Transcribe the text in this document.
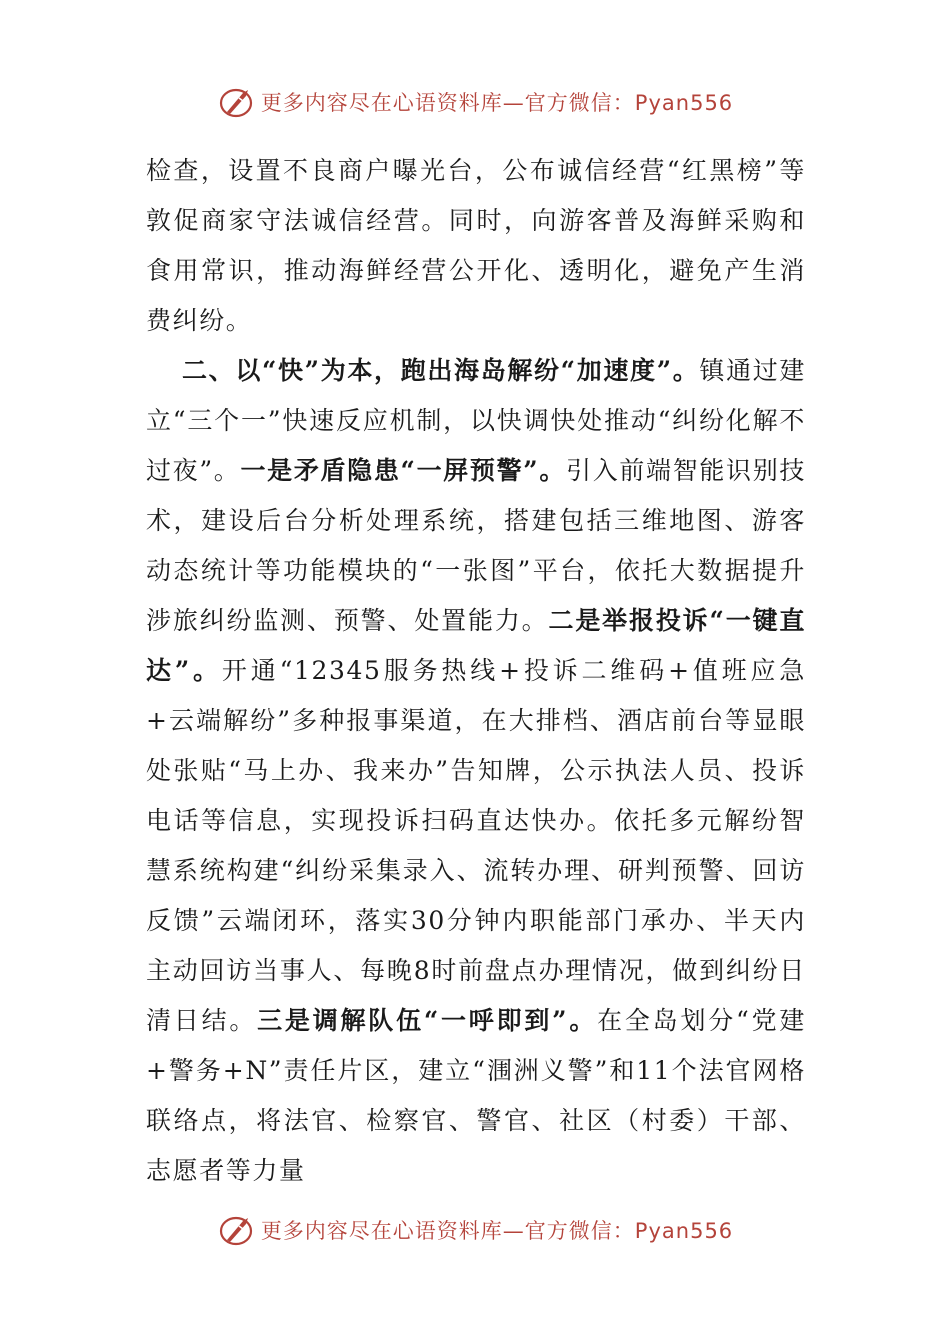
更多内容尽在心语资料库—官方微信：Pyan556

检查，设置不良商户曝光台，公布诚信经营“红黑榜”等敦促商家守法诚信经营。同时，向游客普及海鲜采购和食用常识，推动海鲜经营公开化、透明化，避免产生消费纠纷。

二、以“快”为本，跑出海岛解纷“加速度”。镇通过建立“三个一”快速反应机制，以快调快处推动“纠纷化解不过夜”。一是矛盾隐患“一屏预警”。引入前端智能识别技术，建设后台分析处理系统，搭建包括三维地图、游客动态统计等功能模块的“一张图”平台，依托大数据提升涉旅纠纷监测、预警、处置能力。二是举报投诉“一键直达”。开通“12345服务热线+投诉二维码+值班应急+云端解纷”多种报事渠道，在大排档、酒店前台等显眼处张贴“马上办、我来办”告知牌，公示执法人员、投诉电话等信息，实现投诉扫码直达快办。依托多元解纷智慧系统构建“纠纷采集录入、流转办理、研判预警、回访反馈”云端闭环，落实30分钟内职能部门承办、半天内主动回访当事人、每晚8时前盘点办理情况，做到纠纷日清日结。三是调解队伍“一呼即到”。在全岛划分“党建+警务+N”责任片区，建立“涠洲义警”和11个法官网格联络点，将法官、检察官、警官、社区（村委）干部、志愿者等力量

更多内容尽在心语资料库—官方微信：Pyan556
